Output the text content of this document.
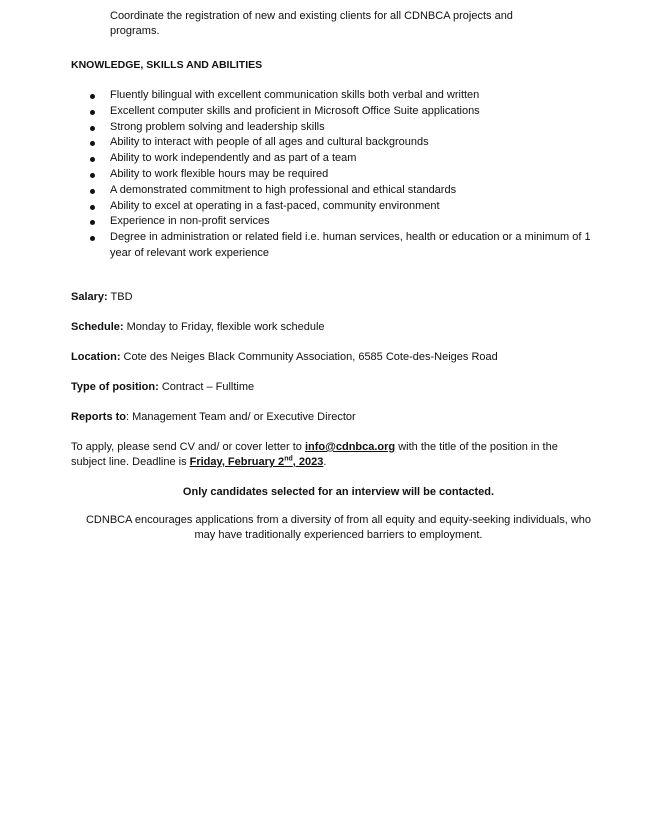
Coordinate the registration of new and existing clients for all CDNBCA projects and
programs.
KNOWLEDGE, SKILLS AND ABILITIES
Fluently bilingual with excellent communication skills both verbal and written
Excellent computer skills and proficient in Microsoft Office Suite applications
Strong problem solving and leadership skills
Ability to interact with people of all ages and cultural backgrounds
Ability to work independently and as part of a team
Ability to work flexible hours may be required
A demonstrated commitment to high professional and ethical standards
Ability to excel at operating in a fast-paced, community environment
Experience in non-profit services
Degree in administration or related field i.e. human services, health or education or a minimum of 1 year of relevant work experience
Salary: TBD
Schedule: Monday to Friday, flexible work schedule
Location: Cote des Neiges Black Community Association, 6585 Cote-des-Neiges Road
Type of position: Contract – Fulltime
Reports to: Management Team and/ or Executive Director
To apply, please send CV and/ or cover letter to info@cdnbca.org with the title of the position in the
subject line. Deadline is Friday, February 2nd, 2023.
Only candidates selected for an interview will be contacted.
CDNBCA encourages applications from a diversity of from all equity and equity-seeking individuals, who
may have traditionally experienced barriers to employment.
